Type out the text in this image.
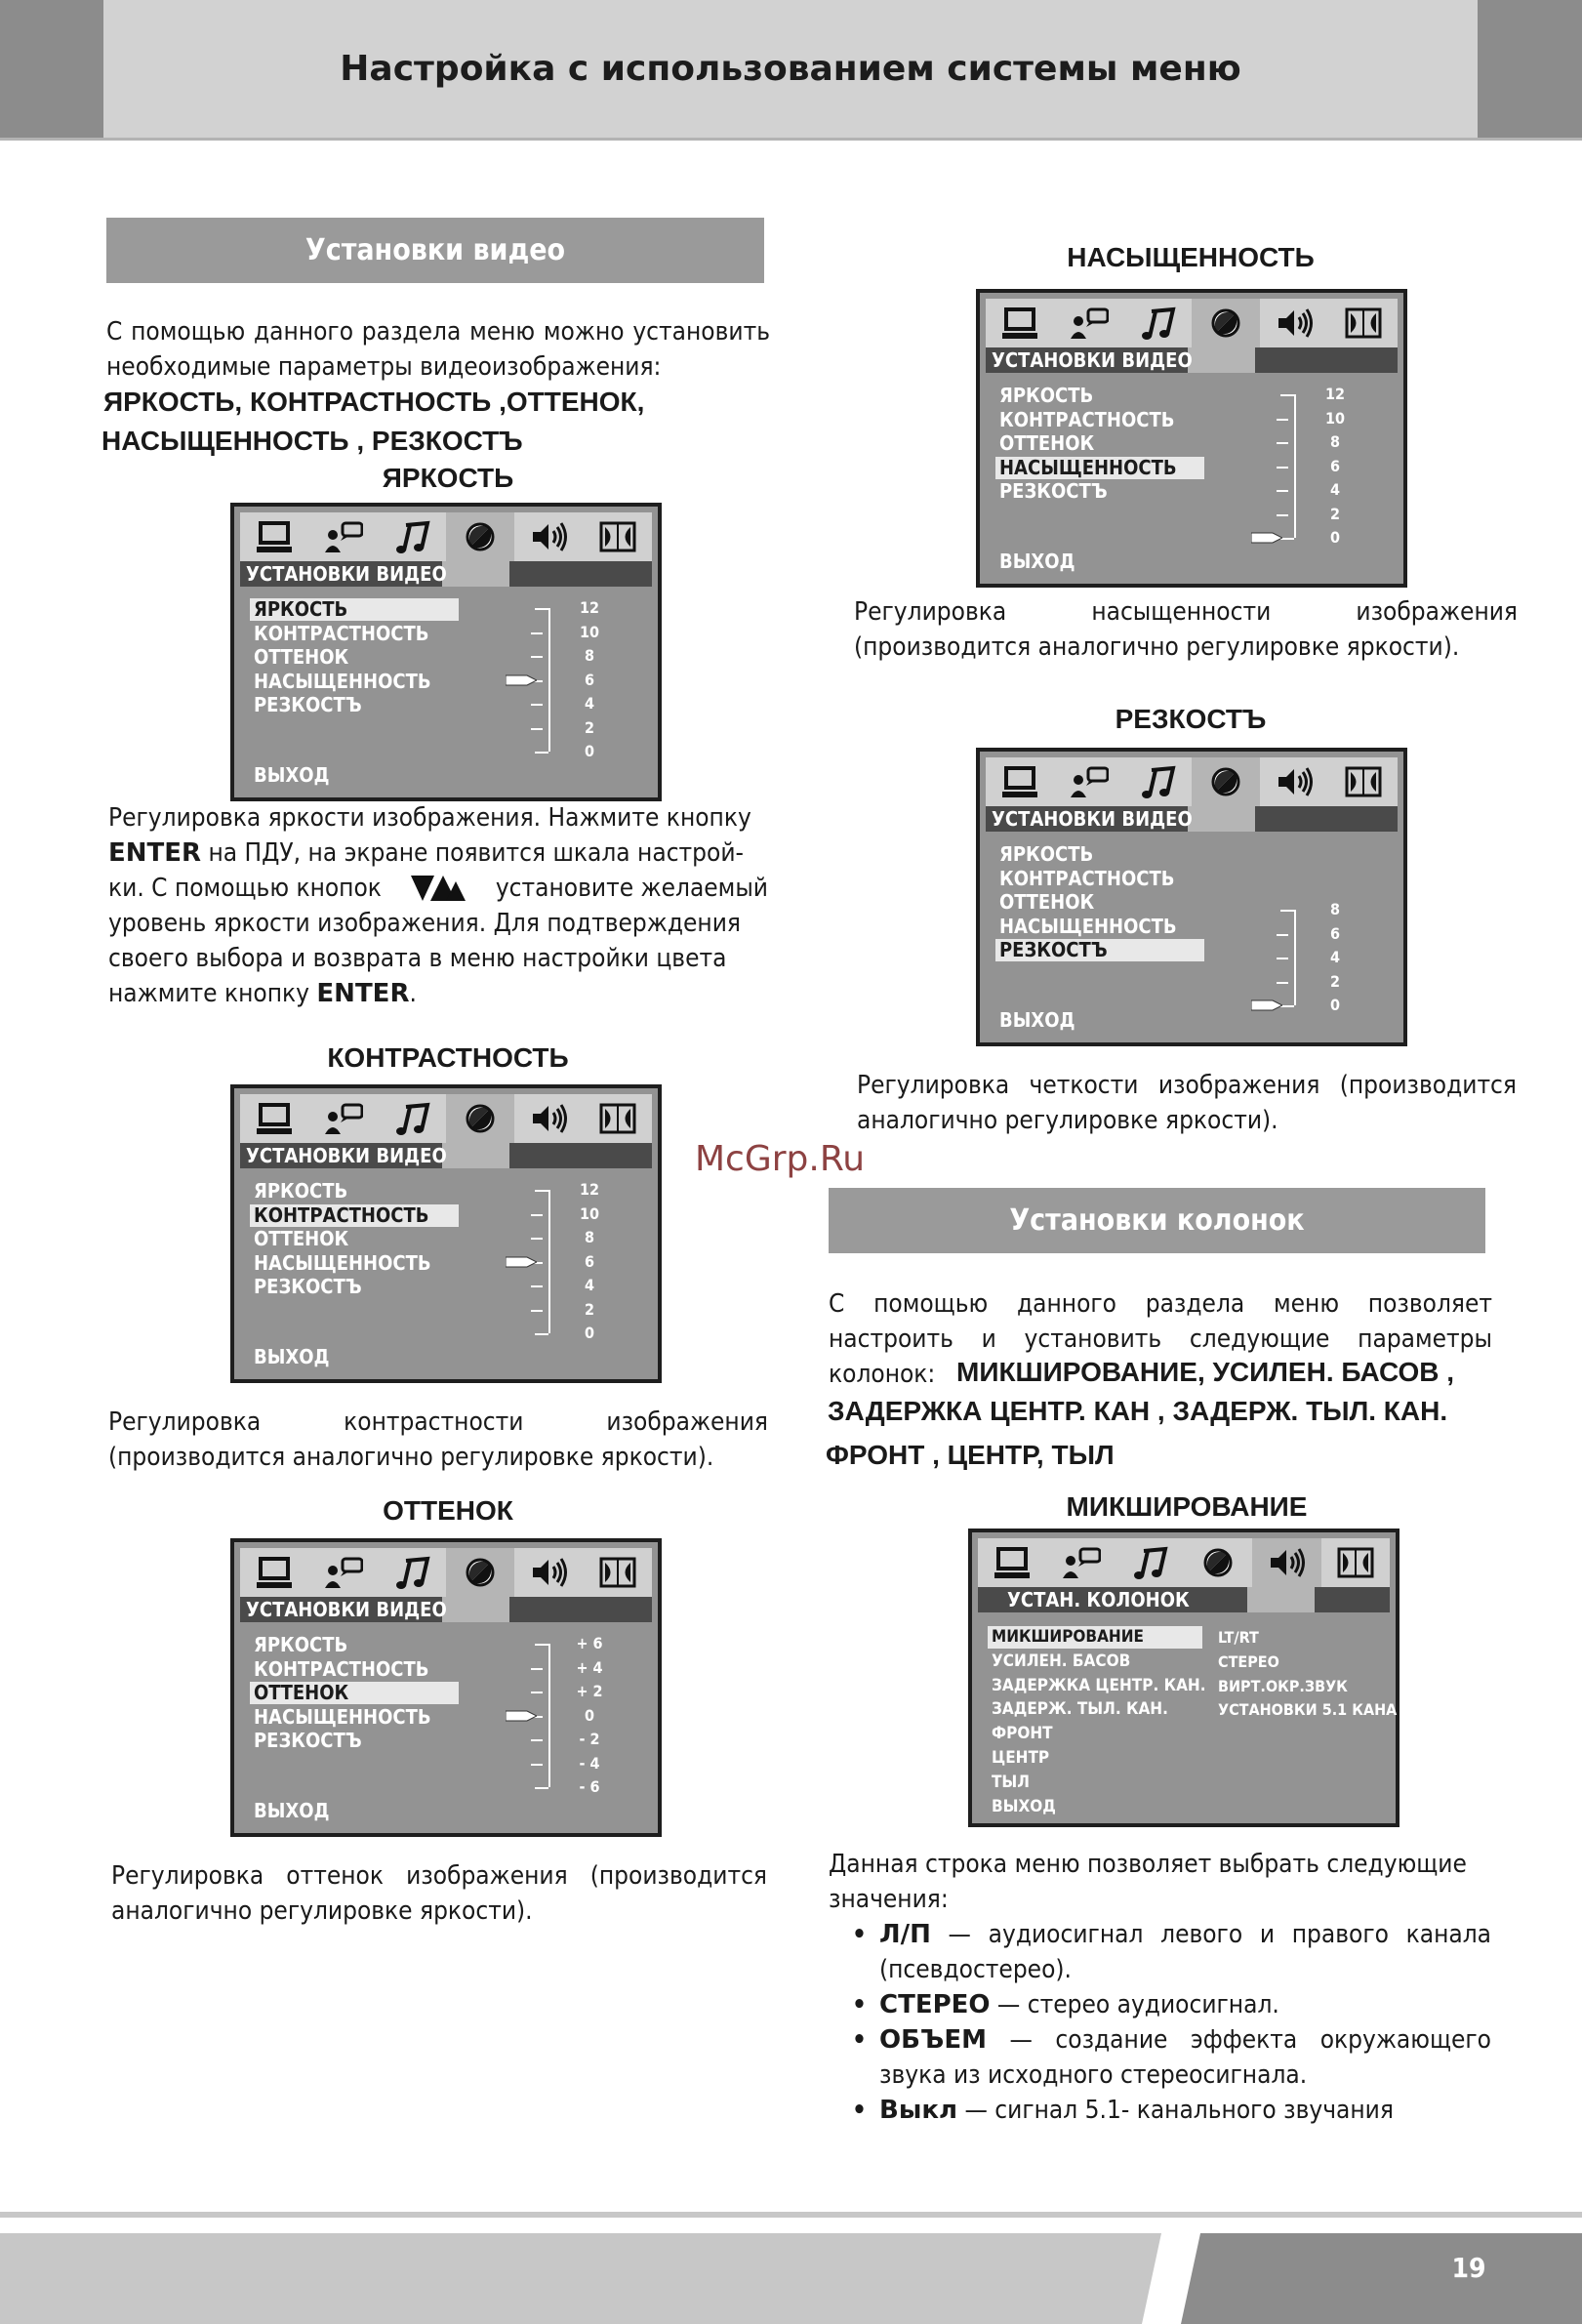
Настройка с использованием системы меню
Установки видео
С помощью данного раздела меню можно установить необходимые параметры видеоизображения:
ЯРКОСТЬ, КОНТРАСТНОСТЬ ,ОТТЕНОК,
НАСЫЩЕННОСТЬ , РЕЗКОСТЪ
ЯРКОСТЬ
УСТАНОВКИ ВИДЕО
ЯРКОСТЬ
КОНТРАСТНОСТЬ
ОТТЕНОК
НАСЫЩЕННОСТЬ
РЕЗКОСТЪ
ВЫХОД
12
10
8
6
4
2
0
Регулировка яркости изображения. Нажмите кнопку
ENTER на ПДУ, на экране появится шкала настрой-
ки. С помощью кнопок	установите желаемый
уровень яркости изображения. Для подтверждения
своего выбора и возврата в меню настройки цвета
нажмите кнопку ENTER.
КОНТРАСТНОСТЬ
УСТАНОВКИ ВИДЕО
ЯРКОСТЬ
КОНТРАСТНОСТЬ
ОТТЕНОК
НАСЫЩЕННОСТЬ
РЕЗКОСТЪ
ВЫХОД
12
10
8
6
4
2
0
Регулировка контрастности изображения (производится аналогично регулировке яркости).
ОТТЕНОК
УСТАНОВКИ ВИДЕО
ЯРКОСТЬ
КОНТРАСТНОСТЬ
ОТТЕНОК
НАСЫЩЕННОСТЬ
РЕЗКОСТЪ
ВЫХОД
+ 6
+ 4
+ 2
0
- 2
- 4
- 6
Регулировка оттенок изображения (производится аналогично регулировке яркости).
НАСЫЩЕННОСТЬ
УСТАНОВКИ ВИДЕО
ЯРКОСТЬ
КОНТРАСТНОСТЬ
ОТТЕНОК
НАСЫЩЕННОСТЬ
РЕЗКОСТЪ
ВЫХОД
12
10
8
6
4
2
0
Регулировка насыщенности изображения (производится аналогично регулировке яркости).
РЕЗКОСТЪ
УСТАНОВКИ ВИДЕО
ЯРКОСТЬ
КОНТРАСТНОСТЬ
ОТТЕНОК
НАСЫЩЕННОСТЬ
РЕЗКОСТЪ
ВЫХОД
8
6
4
2
0
Регулировка четкости изображения (производится аналогично регулировке яркости).
McGrp.Ru
Установки колонок
С помощью данного раздела меню позволяет настроить и установить следующие параметры колонок: МИКШИРОВАНИЕ, УСИЛЕН. БАСОВ ,
ЗАДЕРЖКА ЦЕНТР. КАН , ЗАДЕРЖ. ТЫЛ. КАН.
ФРОНТ , ЦЕНТР, ТЫЛ
МИКШИРОВАНИЕ
УСТАН. КОЛОНОК
МИКШИРОВАНИЕ
УСИЛЕН. БАСОВ
ЗАДЕРЖКА ЦЕНТР. КАН.
ЗАДЕРЖ. ТЫЛ. КАН.
ФРОНТ
ЦЕНТР
ТЫЛ
ВЫХОД
LT/RT
СТЕРЕО
ВИРТ.ОКР.ЗВУК
УСТАНОВКИ 5.1 КАНА
Данная строка меню позволяет выбрать следующие значения:
• Л/П — аудиосигнал левого и правого канала (псевдостерео).
• СТЕРЕО — стерео аудиосигнал.
• ОБЪЕМ — создание эффекта окружающего звука из исходного стереосигнала.
• Выкл — сигнал 5.1- канального звучания
19
